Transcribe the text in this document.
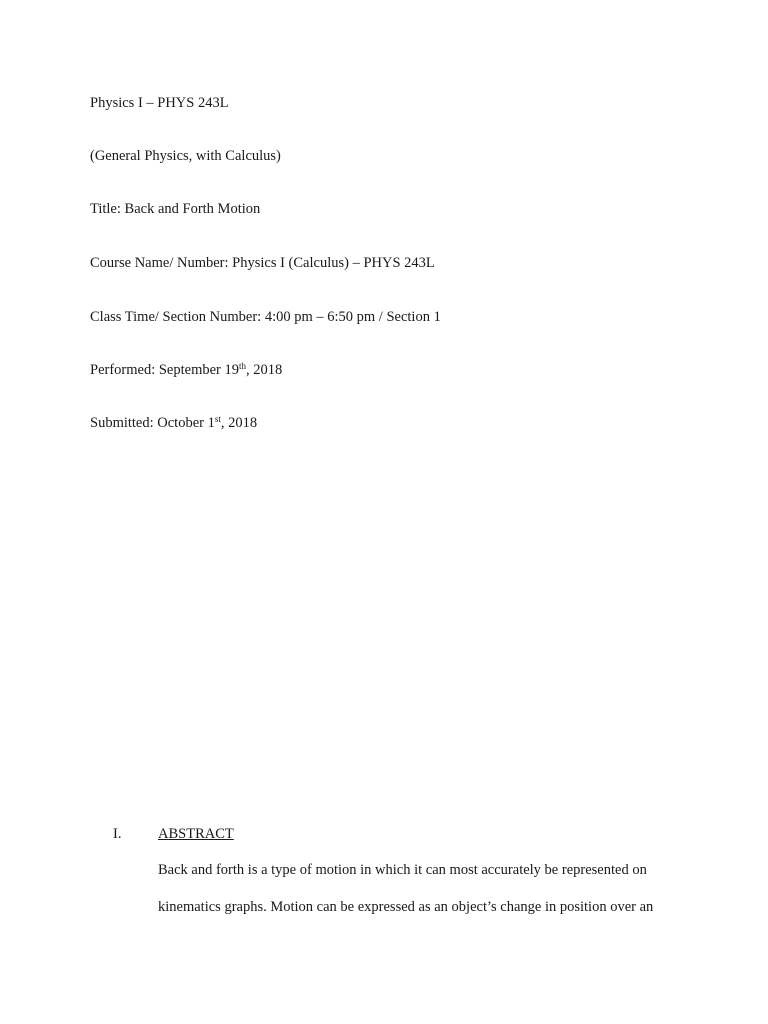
Physics I – PHYS 243L
(General Physics, with Calculus)
Title: Back and Forth Motion
Course Name/ Number: Physics I (Calculus) – PHYS 243L
Class Time/ Section Number: 4:00 pm – 6:50 pm / Section 1
Performed: September 19th, 2018
Submitted: October 1st, 2018
I.	ABSTRACT
Back and forth is a type of motion in which it can most accurately be represented on
kinematics graphs. Motion can be expressed as an object’s change in position over an
